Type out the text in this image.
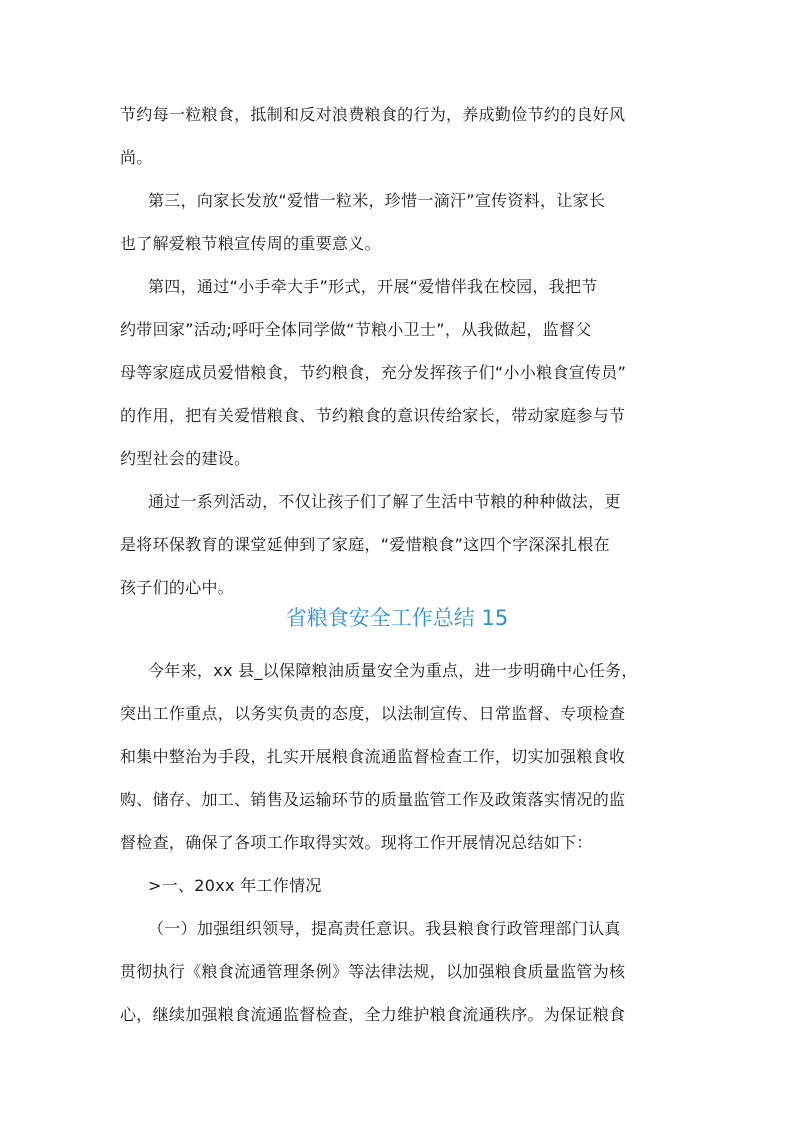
节约每一粒粮食，抵制和反对浪费粮食的行为，养成勤俭节约的良好风
尚。
第三，向家长发放“爱惜一粒米，珍惜一滴汗”宣传资料，让家长
也了解爱粮节粮宣传周的重要意义。
第四，通过“小手牵大手”形式，开展“爱惜伴我在校园，我把节
约带回家”活动;呼吁全体同学做“节粮小卫士”，从我做起，监督父
母等家庭成员爱惜粮食，节约粮食，充分发挥孩子们“小小粮食宣传员”
的作用，把有关爱惜粮食、节约粮食的意识传给家长，带动家庭参与节
约型社会的建设。
通过一系列活动，不仅让孩子们了解了生活中节粮的种种做法，更
是将环保教育的课堂延伸到了家庭，“爱惜粮食”这四个字深深扎根在
孩子们的心中。
省粮食安全工作总结 15
今年来，xx 县_以保障粮油质量安全为重点，进一步明确中心任务，
突出工作重点，以务实负责的态度，以法制宣传、日常监督、专项检查
和集中整治为手段，扎实开展粮食流通监督检查工作，切实加强粮食收
购、储存、加工、销售及运输环节的质量监管工作及政策落实情况的监
督检查，确保了各项工作取得实效。现将工作开展情况总结如下：
>一、20xx 年工作情况
（一）加强组织领导，提高责任意识。我县粮食行政管理部门认真
贯彻执行《粮食流通管理条例》等法律法规，以加强粮食质量监管为核
心，继续加强粮食流通监督检查，全力维护粮食流通秩序。为保证粮食
